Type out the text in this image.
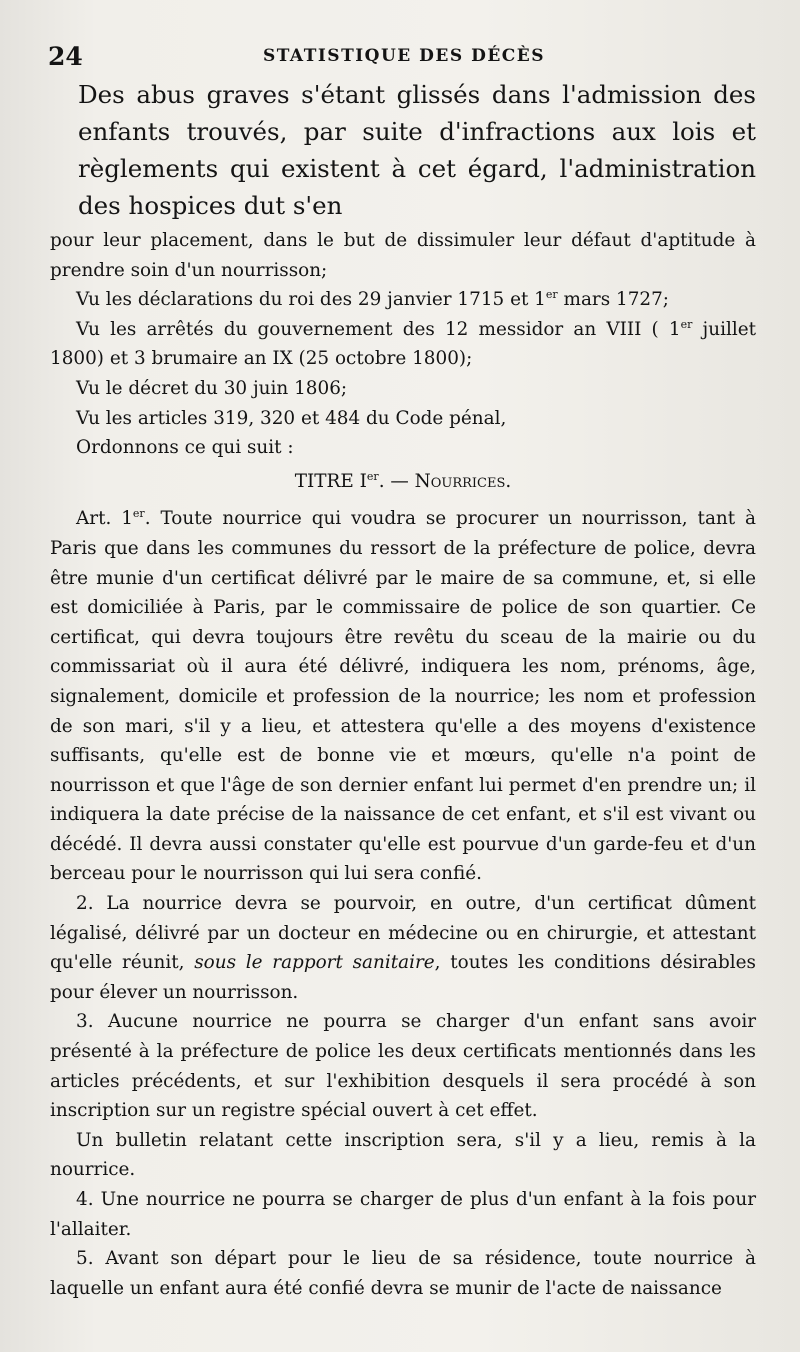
24	STATISTIQUE DES DÉCÈS

Des abus graves s'étant glissés dans l'admission des enfants trouvés, par suite d'infractions aux lois et règlements qui existent à cet égard, l'administration des hospices dut s'en

pour leur placement, dans le but de dissimuler leur défaut d'aptitude à prendre soin d'un nourrisson;

Vu les déclarations du roi des 29 janvier 1715 et 1er mars 1727;

Vu les arrêtés du gouvernement des 12 messidor an VIII ( 1er juillet 1800) et 3 brumaire an IX (25 octobre 1800);

Vu le décret du 30 juin 1806;

Vu les articles 319, 320 et 484 du Code pénal,

Ordonnons ce qui suit :

TITRE Ier. — Nourrices.

Art. 1er. Toute nourrice qui voudra se procurer un nourrisson, tant à Paris que dans les communes du ressort de la préfecture de police, devra être munie d'un certificat délivré par le maire de sa commune, et, si elle est domiciliée à Paris, par le commissaire de police de son quartier. Ce certificat, qui devra toujours être revêtu du sceau de la mairie ou du commissariat où il aura été délivré, indiquera les nom, prénoms, âge, signalement, domicile et profession de la nourrice; les nom et profession de son mari, s'il y a lieu, et attestera qu'elle a des moyens d'existence suffisants, qu'elle est de bonne vie et mœurs, qu'elle n'a point de nourrisson et que l'âge de son dernier enfant lui permet d'en prendre un; il indiquera la date précise de la naissance de cet enfant, et s'il est vivant ou décédé. Il devra aussi constater qu'elle est pourvue d'un garde-feu et d'un berceau pour le nourrisson qui lui sera confié.

2. La nourrice devra se pourvoir, en outre, d'un certificat dûment légalisé, délivré par un docteur en médecine ou en chirurgie, et attestant qu'elle réunit, sous le rapport sanitaire, toutes les conditions désirables pour élever un nourrisson.

3. Aucune nourrice ne pourra se charger d'un enfant sans avoir présenté à la préfecture de police les deux certificats mentionnés dans les articles précédents, et sur l'exhibition desquels il sera procédé à son inscription sur un registre spécial ouvert à cet effet.

Un bulletin relatant cette inscription sera, s'il y a lieu, remis à la nourrice.

4. Une nourrice ne pourra se charger de plus d'un enfant à la fois pour l'allaiter.

5. Avant son départ pour le lieu de sa résidence, toute nourrice à laquelle un enfant aura été confié devra se munir de l'acte de naissance
